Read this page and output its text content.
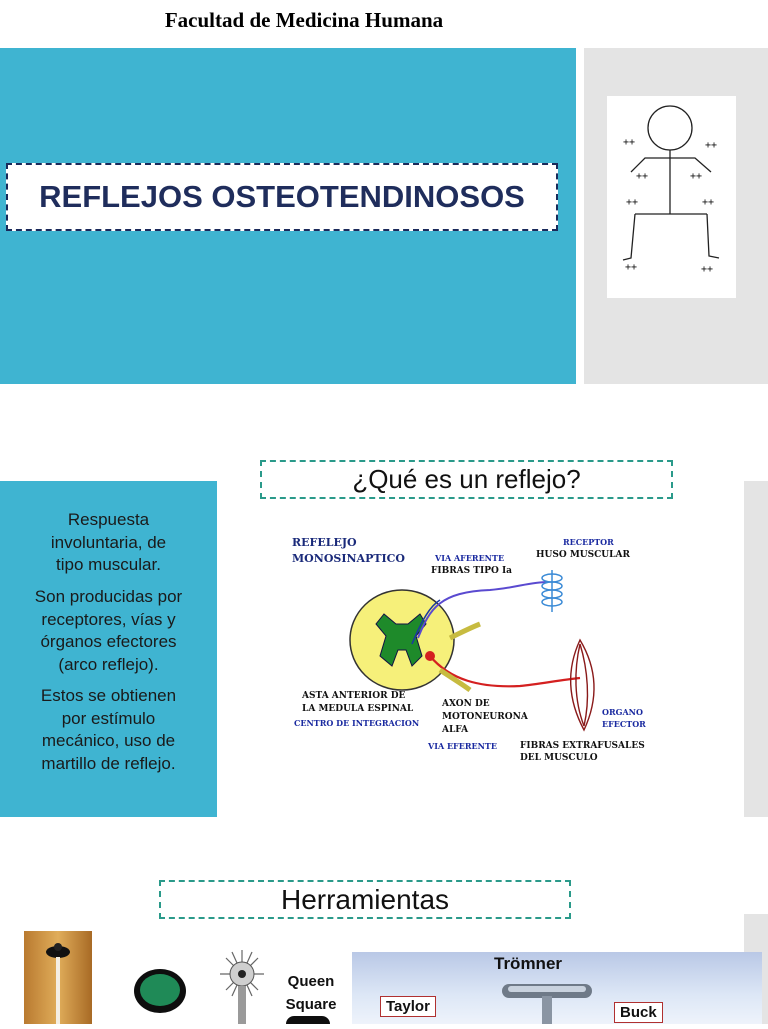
Facultad de Medicina Humana
REFLEJOS OSTEOTENDINOSOS
++	++
++	++
++	++
++	++
¿Qué es un reflejo?
Respuesta
involuntaria, de
tipo muscular.
Son producidas por
receptores, vías y
órganos efectores
(arco reflejo).
Estos se obtienen
por estímulo
mecánico, uso de
martillo de reflejo.
REFELEJO
MONOSINAPTICO
RECEPTOR
HUSO MUSCULAR
VIA AFERENTE
FIBRAS TIPO Ia
ASTA ANTERIOR DE
LA MEDULA ESPINAL
CENTRO DE INTEGRACION
AXON DE
MOTONEURONA
ALFA
ORGANO
EFECTOR
VIA EFERENTE	FIBRAS EXTRAFUSALES
DEL MUSCULO
Herramientas
Queen
Square
Trömner
Taylor	Buck
